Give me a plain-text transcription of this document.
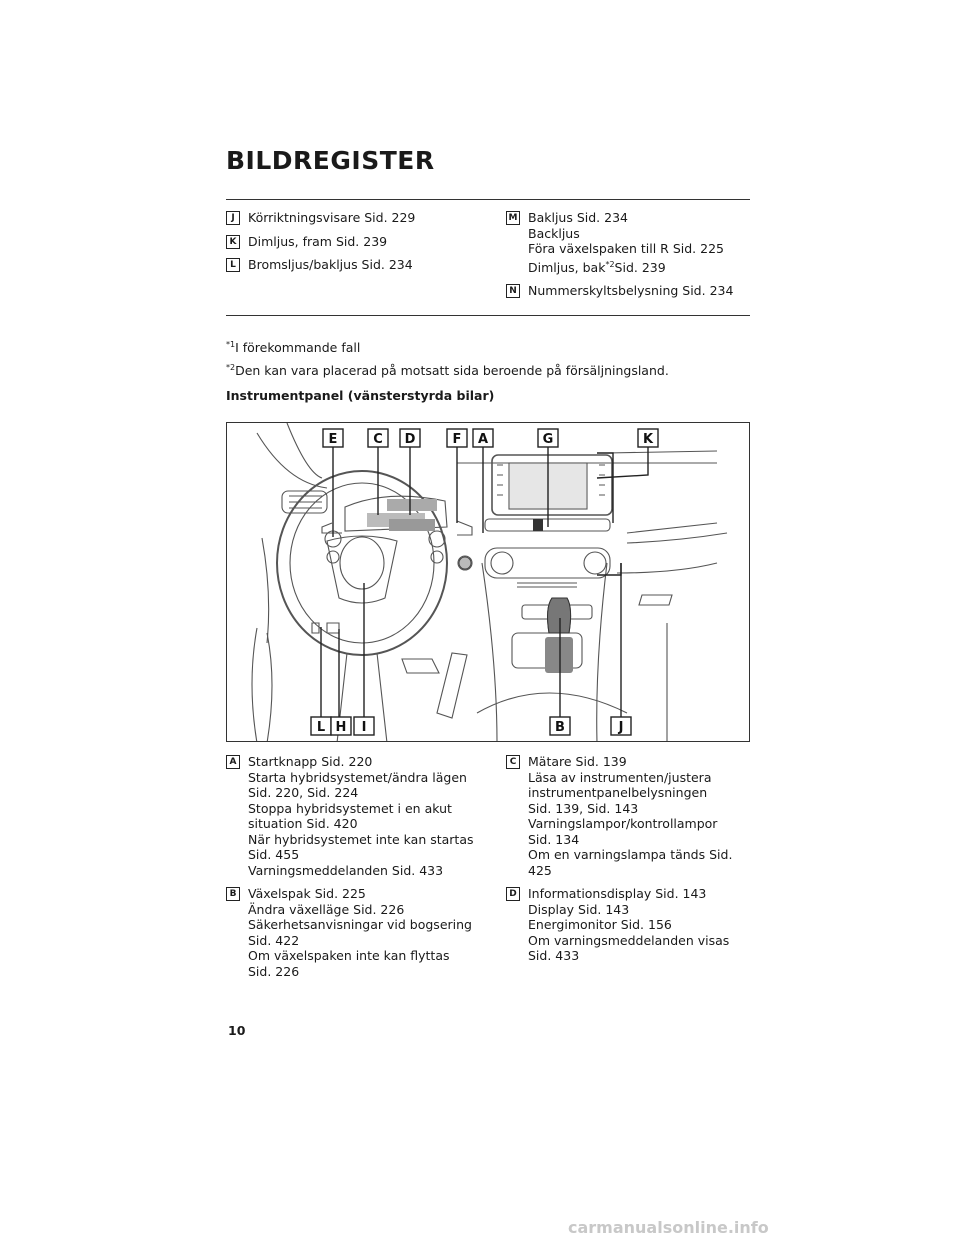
BILDREGISTER
J	Körriktningsvisare Sid. 229
K Dimljus, fram Sid. 239
L Bromsljus/bakljus Sid. 234
M Bakljus Sid. 234
Backljus
Föra växelspaken till R Sid. 225
Dimljus, bak$^{*2}$Sid. 239
N Nummerskyltsbelysning Sid. 234
$^{*1}$I förekommande fall
$^{*2}$Den kan vara placerad på motsatt sida beroende på försäljningsland.
Instrumentpanel (vänsterstyrda bilar)
E	C D	F A	G	K
L H I	B	J
A Startknapp Sid. 220
Starta hybridsystemet/ändra lägen
Sid. 220, Sid. 224
Stoppa hybridsystemet i en akut
situation Sid. 420
När hybridsystemet inte kan startas
Sid. 455
Varningsmeddelanden Sid. 433
B Växelspak Sid. 225
Ändra växelläge Sid. 226
Säkerhetsanvisningar vid bogsering
Sid. 422
Om växelspaken inte kan flyttas
Sid. 226
C Mätare Sid. 139
Läsa av instrumenten/justera
instrumentpanelbelysningen
Sid. 139, Sid. 143
Varningslampor/kontrollampor
Sid. 134
Om en varningslampa tänds Sid. 425
D Informationsdisplay Sid. 143
Display Sid. 143
Energimonitor Sid. 156
Om varningsmeddelanden visas
Sid. 433
10
carmanualsonline.info
